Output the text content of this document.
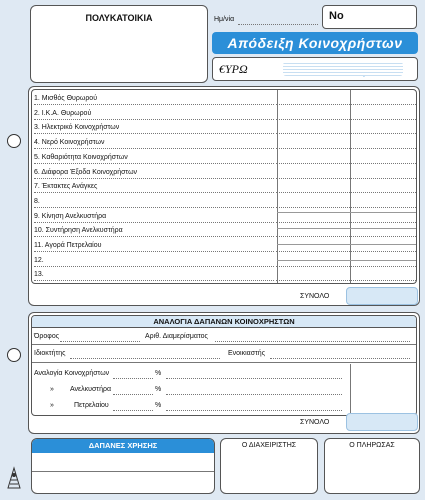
ΠΟΛΥΚΑΤΟΙΚΙΑ	Ημ/νία	Νο
Απόδειξη Κοινοχρήστων
€ΥΡΩ	.
1. Μισθός Θυρωρού
2. Ι.Κ.Α. Θυρωρού
3. Ηλεκτρικό Κοινοχρήστων
4. Νερό Κοινοχρήστων
5. Καθαριότητα Κοινοχρήστων
6. Διάφορα Έξοδα Κοινοχρήστων
7. Έκτακτες Ανάγκες
8.
9. Κίνηση Ανελκυστήρα
10. Συντήρηση Ανελκυστήρα
11. Αγορά Πετρελαίου
12.
13.
ΣΥΝΟΛΟ
ΑΝΑΛΟΓΙΑ ΔΑΠΑΝΩΝ ΚΟΙΝΟΧΡΗΣΤΩΝ
Όροφος	Αριθ. Διαμερίσματος
Ιδιοκτήτης	Ενοικιαστής
Αναλογία Κοινοχρήστων	%
» Ανελκυστήρα	%
»	Πετρελαίου	%
ΣΥΝΟΛΟ
ΔΑΠΑΝΕΣ ΧΡΗΣΗΣ	Ο ΔΙΑΧΕΙΡΙΣΤΗΣ	Ο ΠΛΗΡΩΣΑΣ
